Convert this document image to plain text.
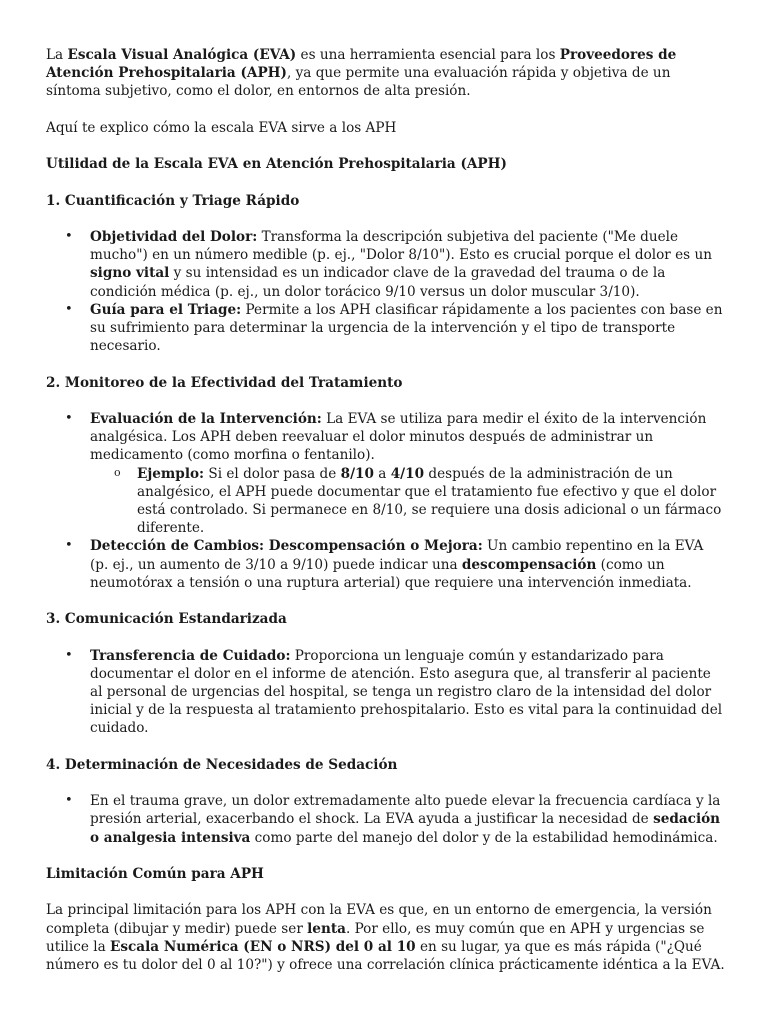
La Escala Visual Analógica (EVA) es una herramienta esencial para los Proveedores de Atención Prehospitalaria (APH), ya que permite una evaluación rápida y objetiva de un síntoma subjetivo, como el dolor, en entornos de alta presión.

Aquí te explico cómo la escala EVA sirve a los APH

Utilidad de la Escala EVA en Atención Prehospitalaria (APH)

1. Cuantificación y Triage Rápido

• Objetividad del Dolor: Transforma la descripción subjetiva del paciente ("Me duele mucho") en un número medible (p. ej., "Dolor 8/10"). Esto es crucial porque el dolor es un signo vital y su intensidad es un indicador clave de la gravedad del trauma o de la condición médica (p. ej., un dolor torácico 9/10 versus un dolor muscular 3/10).
• Guía para el Triage: Permite a los APH clasificar rápidamente a los pacientes con base en su sufrimiento para determinar la urgencia de la intervención y el tipo de transporte necesario.

2. Monitoreo de la Efectividad del Tratamiento

• Evaluación de la Intervención: La EVA se utiliza para medir el éxito de la intervención analgésica. Los APH deben reevaluar el dolor minutos después de administrar un medicamento (como morfina o fentanilo).
o Ejemplo: Si el dolor pasa de 8/10 a 4/10 después de la administración de un analgésico, el APH puede documentar que el tratamiento fue efectivo y que el dolor está controlado. Si permanece en 8/10, se requiere una dosis adicional o un fármaco diferente.
• Detección de Cambios: Descompensación o Mejora: Un cambio repentino en la EVA (p. ej., un aumento de 3/10 a 9/10) puede indicar una descompensación (como un neumotórax a tensión o una ruptura arterial) que requiere una intervención inmediata.

3. Comunicación Estandarizada

• Transferencia de Cuidado: Proporciona un lenguaje común y estandarizado para documentar el dolor en el informe de atención. Esto asegura que, al transferir al paciente al personal de urgencias del hospital, se tenga un registro claro de la intensidad del dolor inicial y de la respuesta al tratamiento prehospitalario. Esto es vital para la continuidad del cuidado.

4. Determinación de Necesidades de Sedación

• En el trauma grave, un dolor extremadamente alto puede elevar la frecuencia cardíaca y la presión arterial, exacerbando el shock. La EVA ayuda a justificar la necesidad de sedación o analgesia intensiva como parte del manejo del dolor y de la estabilidad hemodinámica.

Limitación Común para APH

La principal limitación para los APH con la EVA es que, en un entorno de emergencia, la versión completa (dibujar y medir) puede ser lenta. Por ello, es muy común que en APH y urgencias se utilice la Escala Numérica (EN o NRS) del 0 al 10 en su lugar, ya que es más rápida ("¿Qué número es tu dolor del 0 al 10?") y ofrece una correlación clínica prácticamente idéntica a la EVA.
